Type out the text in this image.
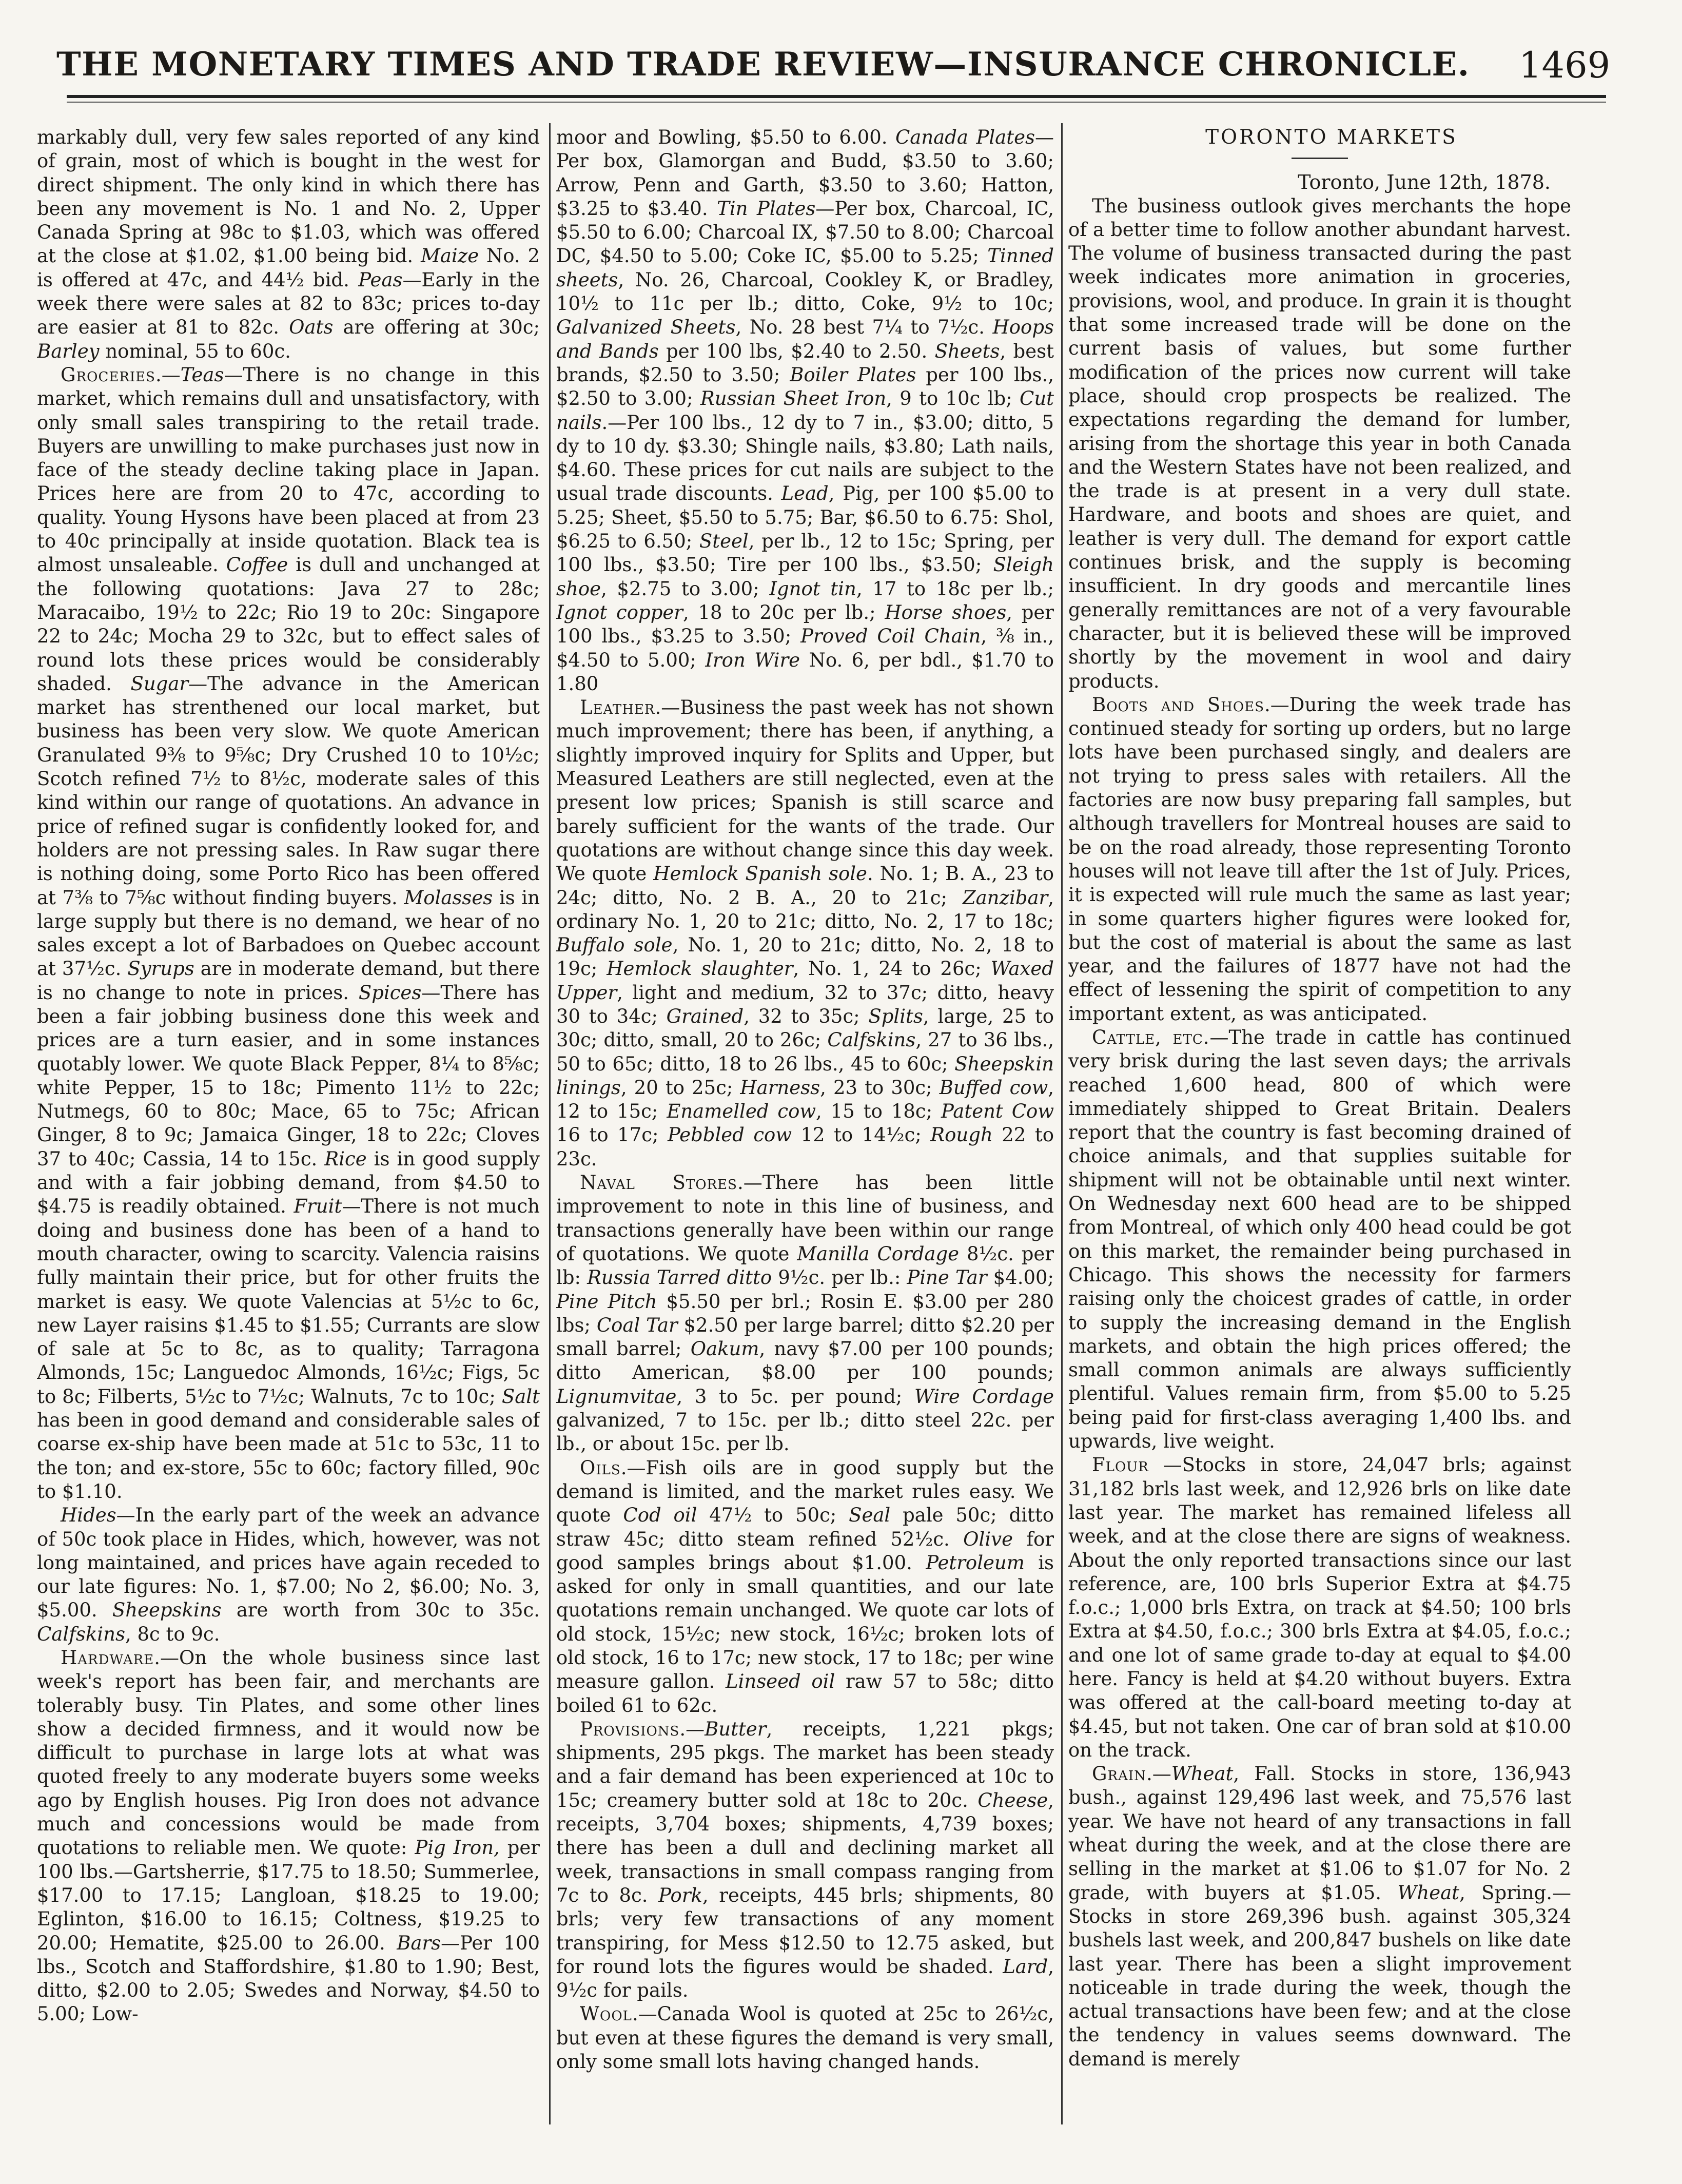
THE MONETARY TIMES AND TRADE REVIEW—INSURANCE CHRONICLE.	1469

markably dull, very few sales reported of any kind of grain, most of which is bought in the west for direct shipment. The only kind in which there has been any movement is No. 1 and No. 2, Upper Canada Spring at 98c to $1.03, which was offered at the close at $1.02, $1.00 being bid. Maize No. 2 is offered at 47c, and 44½ bid. Peas—Early in the week there were sales at 82 to 83c; prices to-day are easier at 81 to 82c. Oats are offering at 30c; Barley nominal, 55 to 60c.

Groceries.—Teas—There is no change in this market, which remains dull and unsatisfactory, with only small sales transpiring to the retail trade. Buyers are unwilling to make purchases just now in face of the steady decline taking place in Japan. Prices here are from 20 to 47c, according to quality. Young Hysons have been placed at from 23 to 40c principally at inside quotation. Black tea is almost unsaleable. Coffee is dull and unchanged at the following quotations: Java 27 to 28c; Maracaibo, 19½ to 22c; Rio 19 to 20c: Singapore 22 to 24c; Mocha 29 to 32c, but to effect sales of round lots these prices would be considerably shaded. Sugar—The advance in the American market has strenthened our local market, but business has been very slow. We quote American Granulated 9⅜ to 9⅝c; Dry Crushed 10 to 10½c; Scotch refined 7½ to 8½c, moderate sales of this kind within our range of quotations. An advance in price of refined sugar is confidently looked for, and holders are not pressing sales. In Raw sugar there is nothing doing, some Porto Rico has been offered at 7⅜ to 7⅝c without finding buyers. Molasses is in large supply but there is no demand, we hear of no sales except a lot of Barbadoes on Quebec account at 37½c. Syrups are in moderate demand, but there is no change to note in prices. Spices—There has been a fair jobbing business done this week and prices are a turn easier, and in some instances quotably lower. We quote Black Pepper, 8¼ to 8⅝c; white Pepper, 15 to 18c; Pimento 11½ to 22c; Nutmegs, 60 to 80c; Mace, 65 to 75c; African Ginger, 8 to 9c; Jamaica Ginger, 18 to 22c; Cloves 37 to 40c; Cassia, 14 to 15c. Rice is in good supply and with a fair jobbing demand, from $4.50 to $4.75 is readily obtained. Fruit—There is not much doing and business done has been of a hand to mouth character, owing to scarcity. Valencia raisins fully maintain their price, but for other fruits the market is easy. We quote Valencias at 5½c to 6c, new Layer raisins $1.45 to $1.55; Currants are slow of sale at 5c to 8c, as to quality; Tarragona Almonds, 15c; Languedoc Almonds, 16½c; Figs, 5c to 8c; Filberts, 5½c to 7½c; Walnuts, 7c to 10c; Salt has been in good demand and considerable sales of coarse ex-ship have been made at 51c to 53c, 11 to the ton; and ex-store, 55c to 60c; factory filled, 90c to $1.10.

Hides—In the early part of the week an advance of 50c took place in Hides, which, however, was not long maintained, and prices have again receded to our late figures: No. 1, $7.00; No 2, $6.00; No. 3, $5.00. Sheepskins are worth from 30c to 35c. Calfskins, 8c to 9c.

Hardware.—On the whole business since last week's report has been fair, and merchants are tolerably busy. Tin Plates, and some other lines show a decided firmness, and it would now be difficult to purchase in large lots at what was quoted freely to any moderate buyers some weeks ago by English houses. Pig Iron does not advance much and concessions would be made from quotations to reliable men. We quote: Pig Iron, per 100 lbs.—Gartsherrie, $17.75 to 18.50; Summerlee, $17.00 to 17.15; Langloan, $18.25 to 19.00; Eglinton, $16.00 to 16.15; Coltness, $19.25 to 20.00; Hematite, $25.00 to 26.00. Bars—Per 100 lbs., Scotch and Staffordshire, $1.80 to 1.90; Best, ditto, $2.00 to 2.05; Swedes and Norway, $4.50 to 5.00; Low-

moor and Bowling, $5.50 to 6.00. Canada Plates—Per box, Glamorgan and Budd, $3.50 to 3.60; Arrow, Penn and Garth, $3.50 to 3.60; Hatton, $3.25 to $3.40. Tin Plates—Per box, Charcoal, IC, $5.50 to 6.00; Charcoal IX, $7.50 to 8.00; Charcoal DC, $4.50 to 5.00; Coke IC, $5.00 to 5.25; Tinned sheets, No. 26, Charcoal, Cookley K, or Bradley, 10½ to 11c per lb.; ditto, Coke, 9½ to 10c; Galvanized Sheets, No. 28 best 7¼ to 7½c. Hoops and Bands per 100 lbs, $2.40 to 2.50. Sheets, best brands, $2.50 to 3.50; Boiler Plates per 100 lbs., $2.50 to 3.00; Russian Sheet Iron, 9 to 10c lb; Cut nails.—Per 100 lbs., 12 dy to 7 in., $3.00; ditto, 5 dy to 10 dy. $3.30; Shingle nails, $3.80; Lath nails, $4.60. These prices for cut nails are subject to the usual trade discounts. Lead, Pig, per 100 $5.00 to 5.25; Sheet, $5.50 to 5.75; Bar, $6.50 to 6.75: Shol, $6.25 to 6.50; Steel, per lb., 12 to 15c; Spring, per 100 lbs., $3.50; Tire per 100 lbs., $3.50; Sleigh shoe, $2.75 to 3.00; Ignot tin, 17 to 18c per lb.; Ignot copper, 18 to 20c per lb.; Horse shoes, per 100 lbs., $3.25 to 3.50; Proved Coil Chain, ⅜ in., $4.50 to 5.00; Iron Wire No. 6, per bdl., $1.70 to 1.80

Leather.—Business the past week has not shown much improvement; there has been, if anything, a slightly improved inquiry for Splits and Upper, but Measured Leathers are still neglected, even at the present low prices; Spanish is still scarce and barely sufficient for the wants of the trade. Our quotations are without change since this day week. We quote Hemlock Spanish sole. No. 1; B. A., 23 to 24c; ditto, No. 2 B. A., 20 to 21c; Zanzibar, ordinary No. 1, 20 to 21c; ditto, No. 2, 17 to 18c; Buffalo sole, No. 1, 20 to 21c; ditto, No. 2, 18 to 19c; Hemlock slaughter, No. 1, 24 to 26c; Waxed Upper, light and medium, 32 to 37c; ditto, heavy 30 to 34c; Grained, 32 to 35c; Splits, large, 25 to 30c; ditto, small, 20 to 26c; Calfskins, 27 to 36 lbs., 50 to 65c; ditto, 18 to 26 lbs., 45 to 60c; Sheepskin linings, 20 to 25c; Harness, 23 to 30c; Buffed cow, 12 to 15c; Enamelled cow, 15 to 18c; Patent Cow 16 to 17c; Pebbled cow 12 to 14½c; Rough 22 to 23c.

Naval Stores.—There has been little improvement to note in this line of business, and transactions generally have been within our range of quotations. We quote Manilla Cordage 8½c. per lb: Russia Tarred ditto 9½c. per lb.: Pine Tar $4.00; Pine Pitch $5.50 per brl.; Rosin E. $3.00 per 280 lbs; Coal Tar $2.50 per large barrel; ditto $2.20 per small barrel; Oakum, navy $7.00 per 100 pounds; ditto American, $8.00 per 100 pounds; Lignumvitae, 3 to 5c. per pound; Wire Cordage galvanized, 7 to 15c. per lb.; ditto steel 22c. per lb., or about 15c. per lb.

Oils.—Fish oils are in good supply but the demand is limited, and the market rules easy. We quote Cod oil 47½ to 50c; Seal pale 50c; ditto straw 45c; ditto steam refined 52½c. Olive for good samples brings about $1.00. Petroleum is asked for only in small quantities, and our late quotations remain unchanged. We quote car lots of old stock, 15½c; new stock, 16½c; broken lots of old stock, 16 to 17c; new stock, 17 to 18c; per wine measure gallon. Linseed oil raw 57 to 58c; ditto boiled 61 to 62c.

Provisions.—Butter, receipts, 1,221 pkgs; shipments, 295 pkgs. The market has been steady and a fair demand has been experienced at 10c to 15c; creamery butter sold at 18c to 20c. Cheese, receipts, 3,704 boxes; shipments, 4,739 boxes; there has been a dull and declining market all week, transactions in small compass ranging from 7c to 8c. Pork, receipts, 445 brls; shipments, 80 brls; very few transactions of any moment transpiring, for Mess $12.50 to 12.75 asked, but for round lots the figures would be shaded. Lard, 9½c for pails.

Wool.—Canada Wool is quoted at 25c to 26½c, but even at these figures the demand is very small, only some small lots having changed hands.

TORONTO MARKETS

Toronto, June 12th, 1878.

The business outlook gives merchants the hope of a better time to follow another abundant harvest. The volume of business transacted during the past week indicates more animation in groceries, provisions, wool, and produce. In grain it is thought that some increased trade will be done on the current basis of values, but some further modification of the prices now current will take place, should crop prospects be realized. The expectations regarding the demand for lumber, arising from the shortage this year in both Canada and the Western States have not been realized, and the trade is at present in a very dull state. Hardware, and boots and shoes are quiet, and leather is very dull. The demand for export cattle continues brisk, and the supply is becoming insufficient. In dry goods and mercantile lines generally remittances are not of a very favourable character, but it is believed these will be improved shortly by the movement in wool and dairy products.

Boots and Shoes.—During the week trade has continued steady for sorting up orders, but no large lots have been purchased singly, and dealers are not trying to press sales with retailers. All the factories are now busy preparing fall samples, but although travellers for Montreal houses are said to be on the road already, those representing Toronto houses will not leave till after the 1st of July. Prices, it is expected will rule much the same as last year; in some quarters higher figures were looked for, but the cost of material is about the same as last year, and the failures of 1877 have not had the effect of lessening the spirit of competition to any important extent, as was anticipated.

Cattle, etc.—The trade in cattle has continued very brisk during the last seven days; the arrivals reached 1,600 head, 800 of which were immediately shipped to Great Britain. Dealers report that the country is fast becoming drained of choice animals, and that supplies suitable for shipment will not be obtainable until next winter. On Wednesday next 600 head are to be shipped from Montreal, of which only 400 head could be got on this market, the remainder being purchased in Chicago. This shows the necessity for farmers raising only the choicest grades of cattle, in order to supply the increasing demand in the English markets, and obtain the high prices offered; the small common animals are always sufficiently plentiful. Values remain firm, from $5.00 to 5.25 being paid for first-class averaging 1,400 lbs. and upwards, live weight.

Flour —Stocks in store, 24,047 brls; against 31,182 brls last week, and 12,926 brls on like date last year. The market has remained lifeless all week, and at the close there are signs of weakness. About the only reported transactions since our last reference, are, 100 brls Superior Extra at $4.75 f.o.c.; 1,000 brls Extra, on track at $4.50; 100 brls Extra at $4.50, f.o.c.; 300 brls Extra at $4.05, f.o.c.; and one lot of same grade to-day at equal to $4.00 here. Fancy is held at $4.20 without buyers. Extra was offered at the call-board meeting to-day at $4.45, but not taken. One car of bran sold at $10.00 on the track.

Grain.—Wheat, Fall. Stocks in store, 136,943 bush., against 129,496 last week, and 75,576 last year. We have not heard of any transactions in fall wheat during the week, and at the close there are selling in the market at $1.06 to $1.07 for No. 2 grade, with buyers at $1.05. Wheat, Spring.—Stocks in store 269,396 bush. against 305,324 bushels last week, and 200,847 bushels on like date last year. There has been a slight improvement noticeable in trade during the week, though the actual transactions have been few; and at the close the tendency in values seems downward. The demand is merely
